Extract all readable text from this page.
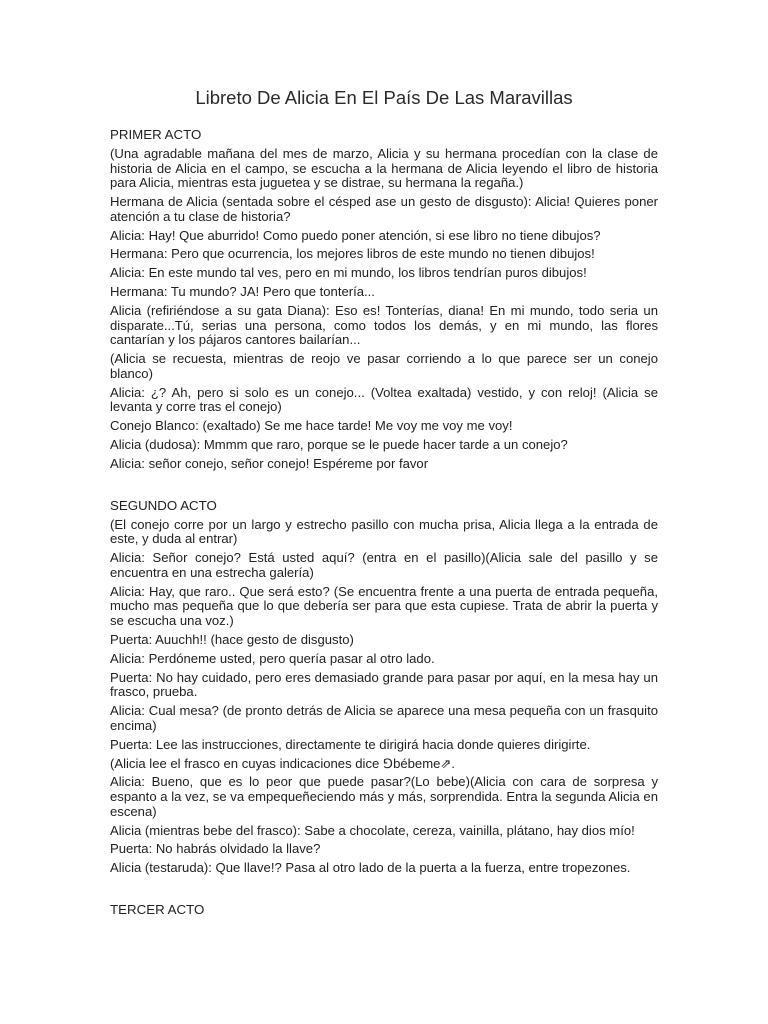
Libreto De Alicia En El País De Las Maravillas

PRIMER ACTO

(Una agradable mañana del mes de marzo, Alicia y su hermana procedían con la clase de historia de Alicia en el campo, se escucha a la hermana de Alicia leyendo el libro de historia para Alicia, mientras esta juguetea y se distrae, su hermana la regaña.)

Hermana de Alicia (sentada sobre el césped ase un gesto de disgusto): Alicia! Quieres poner atención a tu clase de historia?

Alicia: Hay! Que aburrido! Como puedo poner atención, si ese libro no tiene dibujos?

Hermana: Pero que ocurrencia, los mejores libros de este mundo no tienen dibujos!

Alicia: En este mundo tal ves, pero en mi mundo, los libros tendrían puros dibujos!

Hermana: Tu mundo? JA! Pero que tontería...

Alicia (refiriéndose a su gata Diana): Eso es! Tonterías, diana! En mi mundo, todo seria un disparate...Tú, serias una persona, como todos los demás, y en mi mundo, las flores cantarían y los pájaros cantores bailarían...

(Alicia se recuesta, mientras de reojo ve pasar corriendo a lo que parece ser un conejo blanco)

Alicia: ¿? Ah, pero si solo es un conejo... (Voltea exaltada) vestido, y con reloj! (Alicia se levanta y corre tras el conejo)

Conejo Blanco: (exaltado) Se me hace tarde! Me voy me voy me voy!

Alicia (dudosa): Mmmm que raro, porque se le puede hacer tarde a un conejo?

Alicia: señor conejo, señor conejo! Espéreme por favor

SEGUNDO ACTO

(El conejo corre por un largo y estrecho pasillo con mucha prisa, Alicia llega a la entrada de este, y duda al entrar)

Alicia: Señor conejo? Está usted aquí? (entra en el pasillo)(Alicia sale del pasillo y se encuentra en una estrecha galería)

Alicia: Hay, que raro.. Que será esto? (Se encuentra frente a una puerta de entrada pequeña, mucho mas pequeña que lo que debería ser para que esta cupiese. Trata de abrir la puerta y se escucha una voz.)

Puerta: Auuchh!! (hace gesto de disgusto)

Alicia: Perdóneme usted, pero quería pasar al otro lado.

Puerta: No hay cuidado, pero eres demasiado grande para pasar por aquí, en la mesa hay un frasco, prueba.

Alicia: Cual mesa? (de pronto detrás de Alicia se aparece una mesa pequeña con un frasquito encima)

Puerta: Lee las instrucciones, directamente te dirigirá hacia donde quieres dirigirte.

(Alicia lee el frasco en cuyas indicaciones dice ⅁bébeme⇗.

Alicia: Bueno, que es lo peor que puede pasar?(Lo bebe)(Alicia con cara de sorpresa y espanto a la vez, se va empequeñeciendo más y más, sorprendida. Entra la segunda Alicia en escena)

Alicia (mientras bebe del frasco): Sabe a chocolate, cereza, vainilla, plátano, hay dios mío!

Puerta: No habrás olvidado la llave?

Alicia (testaruda): Que llave!? Pasa al otro lado de la puerta a la fuerza, entre tropezones.

TERCER ACTO
